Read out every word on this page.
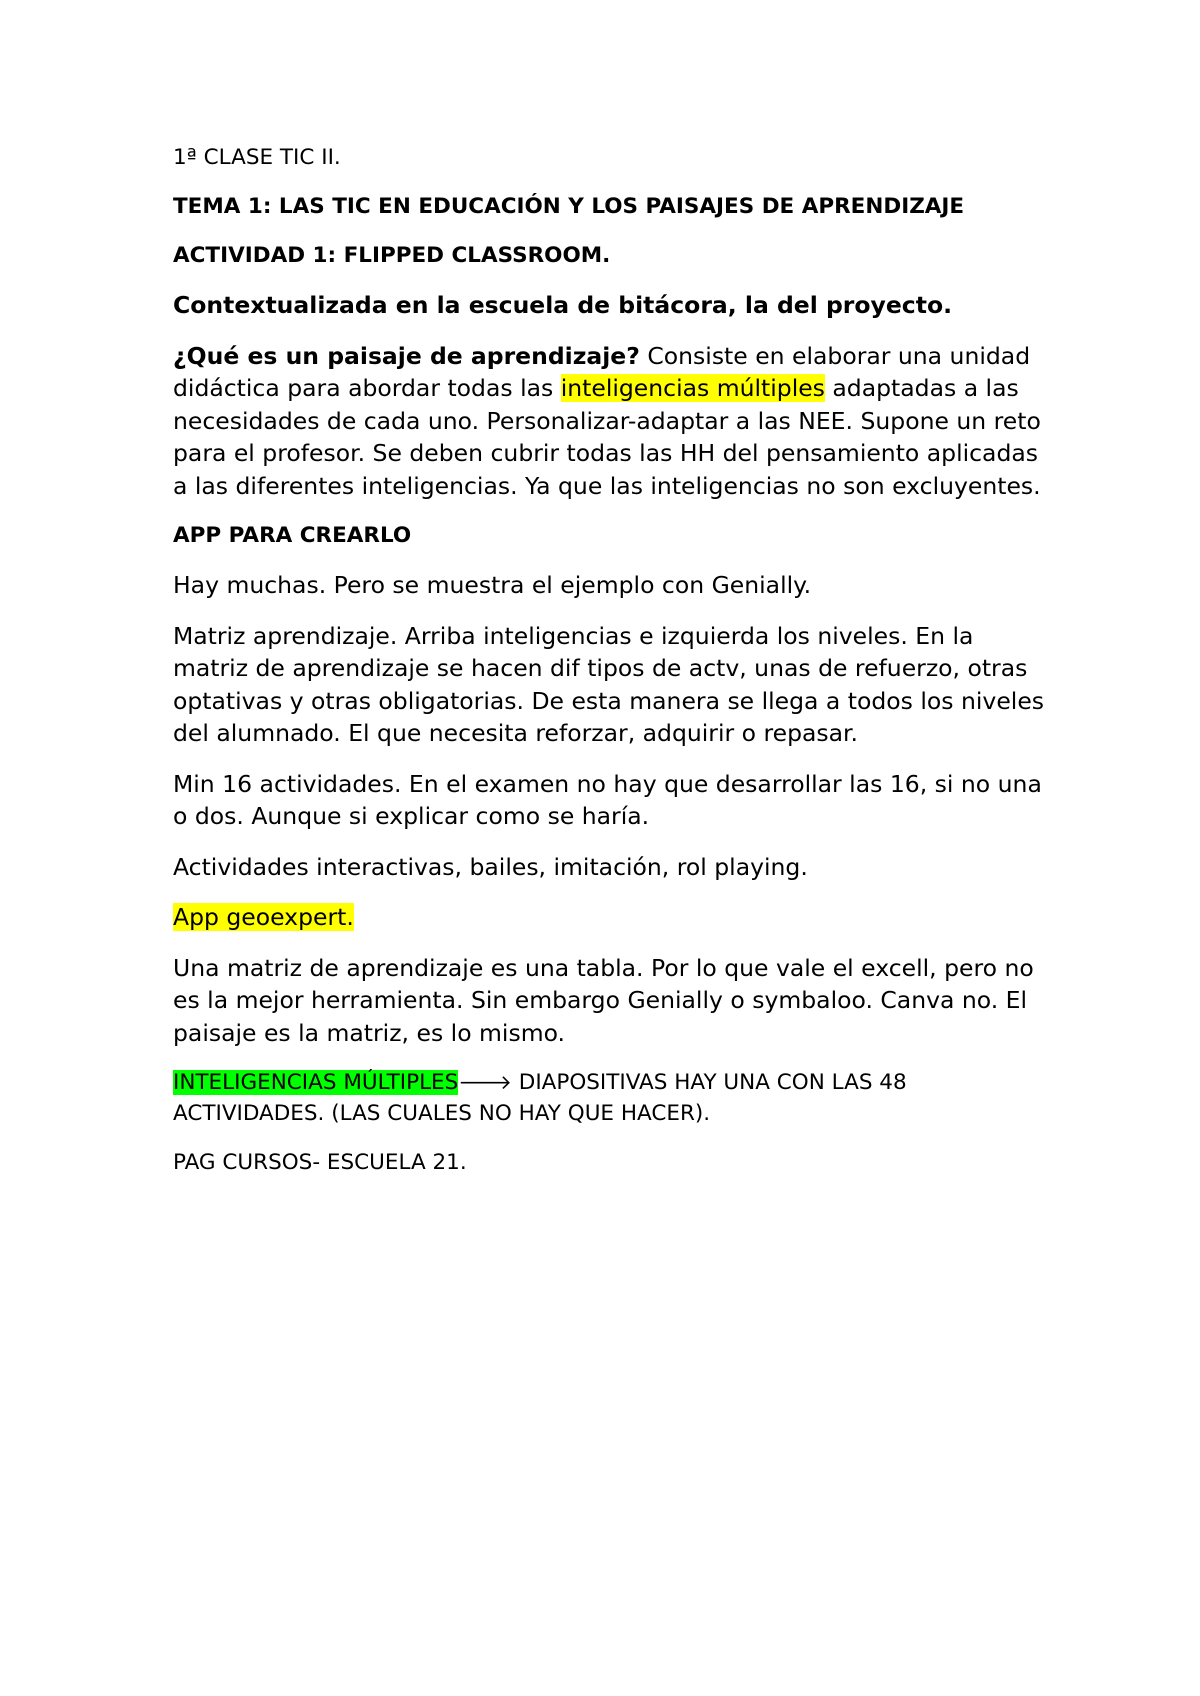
1ª CLASE TIC II.

TEMA 1: LAS TIC EN EDUCACIÓN Y LOS PAISAJES DE APRENDIZAJE

ACTIVIDAD 1: FLIPPED CLASSROOM.

Contextualizada en la escuela de bitácora, la del proyecto.

¿Qué es un paisaje de aprendizaje? Consiste en elaborar una unidad didáctica para abordar todas las inteligencias múltiples adaptadas a las necesidades de cada uno. Personalizar-adaptar a las NEE. Supone un reto para el profesor. Se deben cubrir todas las HH del pensamiento aplicadas a las diferentes inteligencias. Ya que las inteligencias no son excluyentes.

APP PARA CREARLO

Hay muchas. Pero se muestra el ejemplo con Genially.

Matriz aprendizaje. Arriba inteligencias e izquierda los niveles. En la matriz de aprendizaje se hacen dif tipos de actv, unas de refuerzo, otras optativas y otras obligatorias. De esta manera se llega a todos los niveles del alumnado. El que necesita reforzar, adquirir o repasar.

Min 16 actividades. En el examen no hay que desarrollar las 16, si no una o dos. Aunque si explicar como se haría.

Actividades interactivas, bailes, imitación, rol playing.

App geoexpert.

Una matriz de aprendizaje es una tabla. Por lo que vale el excell, pero no es la mejor herramienta. Sin embargo Genially o symbaloo. Canva no. El paisaje es la matriz, es lo mismo.

INTELIGENCIAS MÚLTIPLES🡒 DIAPOSITIVAS HAY UNA CON LAS 48 ACTIVIDADES. (LAS CUALES NO HAY QUE HACER).

PAG CURSOS- ESCUELA 21.
